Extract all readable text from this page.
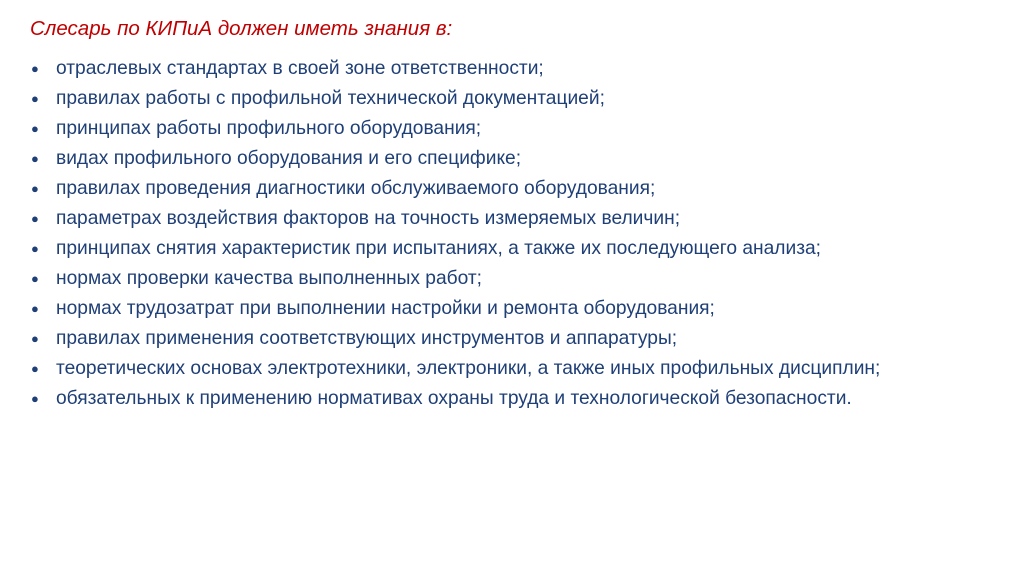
Слесарь по КИПиА должен иметь знания в:
● отраслевых стандартах в своей зоне ответственности;
● правилах работы с профильной технической документацией;
● принципах работы профильного оборудования;
● видах профильного оборудования и его специфике;
● правилах проведения диагностики обслуживаемого оборудования;
● параметрах воздействия факторов на точность измеряемых величин;
● принципах снятия характеристик при испытаниях, а также их последующего анализа;
● нормах проверки качества выполненных работ;
● нормах трудозатрат при выполнении настройки и ремонта оборудования;
● правилах применения соответствующих инструментов и аппаратуры;
● теоретических основах электротехники, электроники, а также иных профильных дисциплин;
● обязательных к применению нормативах охраны труда и технологической безопасности.
